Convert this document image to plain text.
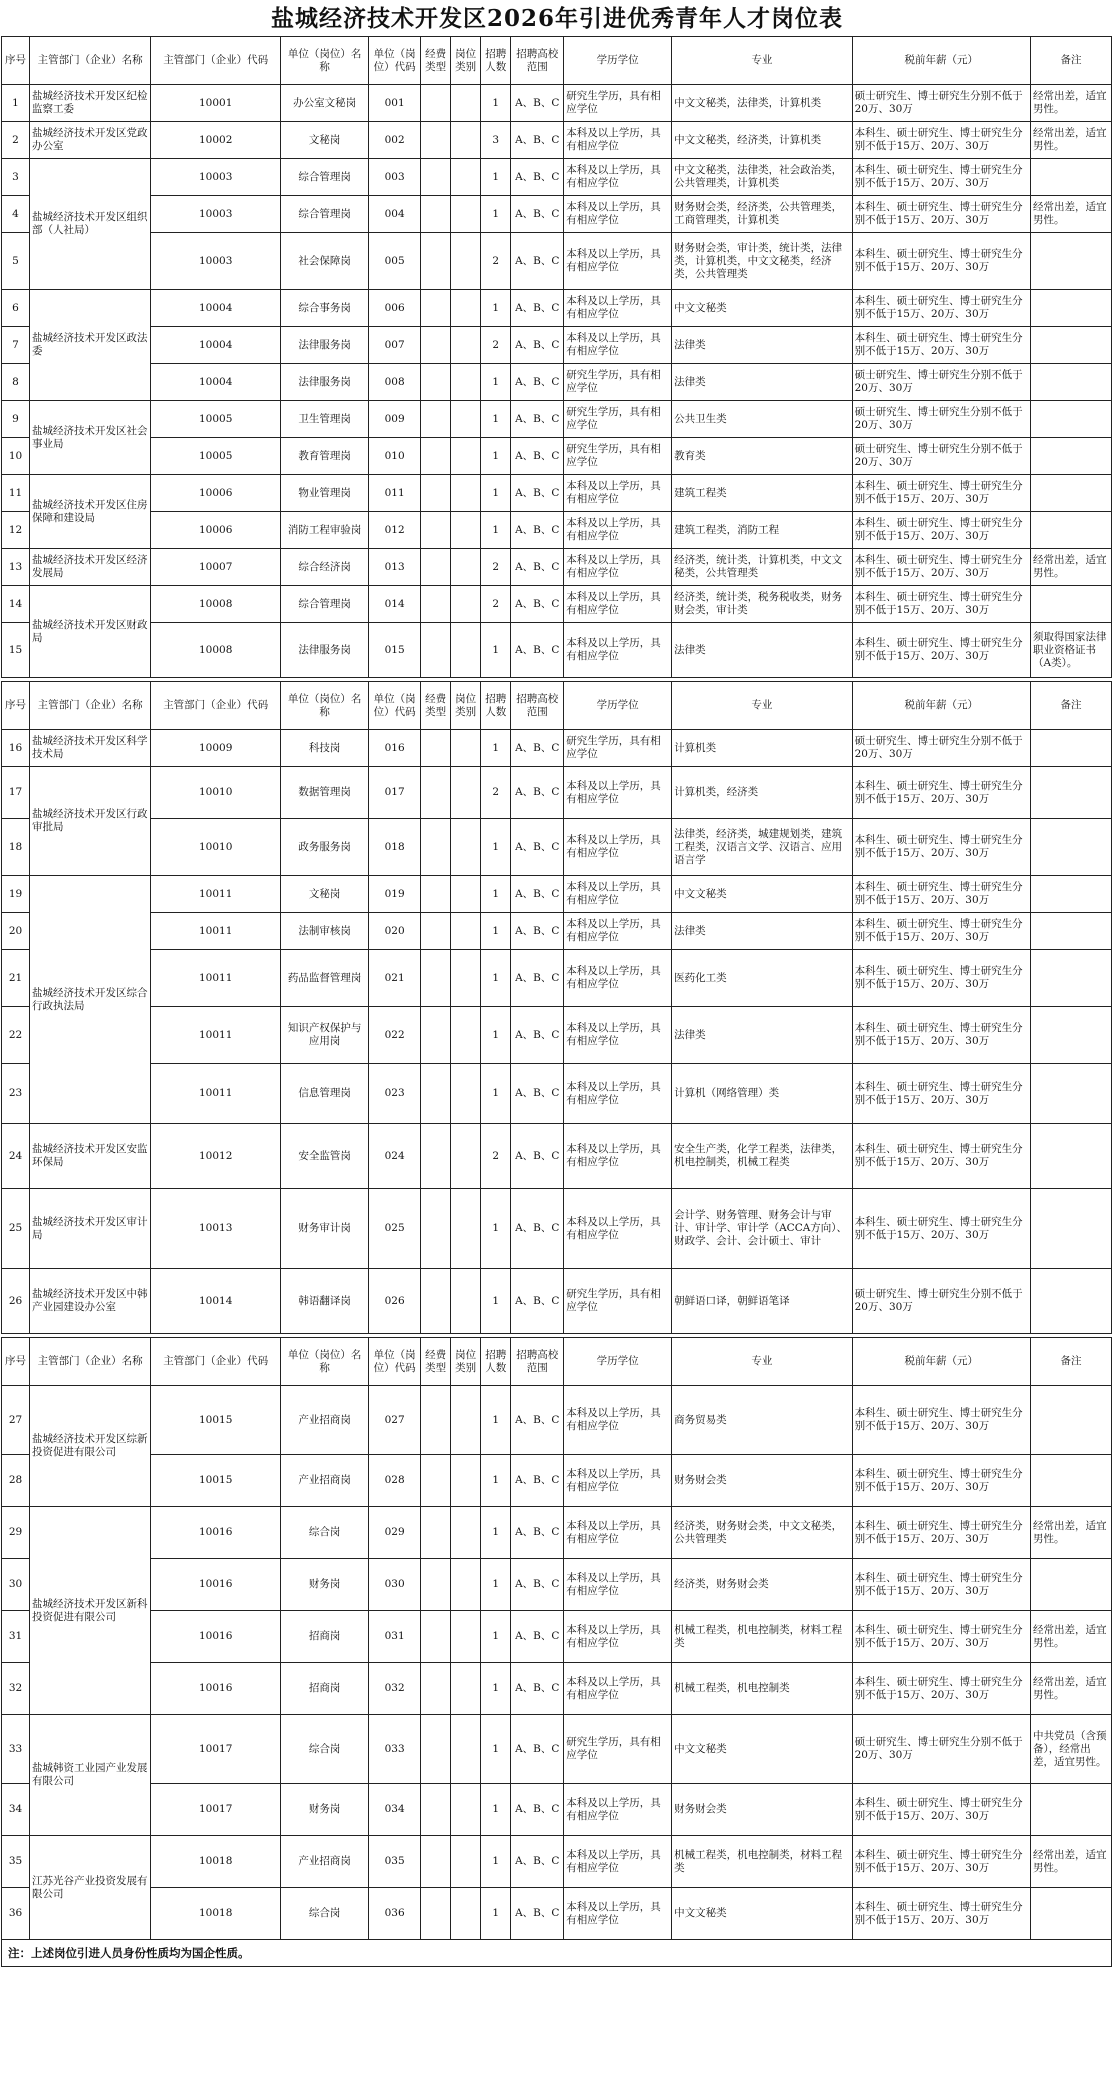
盐城经济技术开发区2026年引进优秀青年人才岗位表
序号	主管部门（企业）名称	主管部门（企业）代码	单位（岗位）名称	单位（岗位）代码	经费类型	岗位类别	招聘人数	招聘高校范围	学历学位	专业	税前年薪（元）	备注
1	盐城经济技术开发区纪检监察工委	10001	办公室文秘岗	001			1	A、B、C	研究生学历，具有相应学位	中文文秘类，法律类，计算机类	硕士研究生、博士研究生分别不低于20万、30万	经常出差，适宜男性。
2	盐城经济技术开发区党政办公室	10002	文秘岗	002			3	A、B、C	本科及以上学历，具有相应学位	中文文秘类，经济类，计算机类	本科生、硕士研究生、博士研究生分别不低于15万、20万、30万	经常出差，适宜男性。
3	盐城经济技术开发区组织部（人社局）	10003	综合管理岗	003			1	A、B、C	本科及以上学历，具有相应学位	中文文秘类，法律类，社会政治类，公共管理类，计算机类	本科生、硕士研究生、博士研究生分别不低于15万、20万、30万	
4		10003	综合管理岗	004			1	A、B、C	本科及以上学历，具有相应学位	财务财会类，经济类，公共管理类，工商管理类，计算机类	本科生、硕士研究生、博士研究生分别不低于15万、20万、30万	经常出差，适宜男性。
5		10003	社会保障岗	005			2	A、B、C	本科及以上学历，具有相应学位	财务财会类，审计类，统计类，法律类，计算机类，中文文秘类，经济类，公共管理类	本科生、硕士研究生、博士研究生分别不低于15万、20万、30万	
6	盐城经济技术开发区政法委	10004	综合事务岗	006			1	A、B、C	本科及以上学历，具有相应学位	中文文秘类	本科生、硕士研究生、博士研究生分别不低于15万、20万、30万	
7		10004	法律服务岗	007			2	A、B、C	本科及以上学历，具有相应学位	法律类	本科生、硕士研究生、博士研究生分别不低于15万、20万、30万	
8		10004	法律服务岗	008			1	A、B、C	研究生学历，具有相应学位	法律类	硕士研究生、博士研究生分别不低于20万、30万	
9	盐城经济技术开发区社会事业局	10005	卫生管理岗	009			1	A、B、C	研究生学历，具有相应学位	公共卫生类	硕士研究生、博士研究生分别不低于20万、30万	
10		10005	教育管理岗	010			1	A、B、C	研究生学历，具有相应学位	教育类	硕士研究生、博士研究生分别不低于20万、30万	
11	盐城经济技术开发区住房保障和建设局	10006	物业管理岗	011			1	A、B、C	本科及以上学历，具有相应学位	建筑工程类	本科生、硕士研究生、博士研究生分别不低于15万、20万、30万	
12		10006	消防工程审验岗	012			1	A、B、C	本科及以上学历，具有相应学位	建筑工程类，消防工程	本科生、硕士研究生、博士研究生分别不低于15万、20万、30万	
13	盐城经济技术开发区经济发展局	10007	综合经济岗	013			2	A、B、C	本科及以上学历，具有相应学位	经济类，统计类，计算机类，中文文秘类，公共管理类	本科生、硕士研究生、博士研究生分别不低于15万、20万、30万	经常出差，适宜男性。
14	盐城经济技术开发区财政局	10008	综合管理岗	014			2	A、B、C	本科及以上学历，具有相应学位	经济类，统计类，税务税收类，财务财会类，审计类	本科生、硕士研究生、博士研究生分别不低于15万、20万、30万	
15		10008	法律服务岗	015			1	A、B、C	本科及以上学历，具有相应学位	法律类	本科生、硕士研究生、博士研究生分别不低于15万、20万、30万	须取得国家法律职业资格证书（A类）。
序号	主管部门（企业）名称	主管部门（企业）代码	单位（岗位）名称	单位（岗位）代码	经费类型	岗位类别	招聘人数	招聘高校范围	学历学位	专业	税前年薪（元）	备注
16	盐城经济技术开发区科学技术局	10009	科技岗	016			1	A、B、C	研究生学历，具有相应学位	计算机类	硕士研究生、博士研究生分别不低于20万、30万	
17	盐城经济技术开发区行政审批局	10010	数据管理岗	017			2	A、B、C	本科及以上学历，具有相应学位	计算机类，经济类	本科生、硕士研究生、博士研究生分别不低于15万、20万、30万	
18		10010	政务服务岗	018			1	A、B、C	本科及以上学历，具有相应学位	法律类，经济类，城建规划类，建筑工程类，汉语言文学、汉语言、应用语言学	本科生、硕士研究生、博士研究生分别不低于15万、20万、30万	
19	盐城经济技术开发区综合行政执法局	10011	文秘岗	019			1	A、B、C	本科及以上学历，具有相应学位	中文文秘类	本科生、硕士研究生、博士研究生分别不低于15万、20万、30万	
20		10011	法制审核岗	020			1	A、B、C	本科及以上学历，具有相应学位	法律类	本科生、硕士研究生、博士研究生分别不低于15万、20万、30万	
21		10011	药品监督管理岗	021			1	A、B、C	本科及以上学历，具有相应学位	医药化工类	本科生、硕士研究生、博士研究生分别不低于15万、20万、30万	
22		10011	知识产权保护与应用岗	022			1	A、B、C	本科及以上学历，具有相应学位	法律类	本科生、硕士研究生、博士研究生分别不低于15万、20万、30万	
23		10011	信息管理岗	023			1	A、B、C	本科及以上学历，具有相应学位	计算机（网络管理）类	本科生、硕士研究生、博士研究生分别不低于15万、20万、30万	
24	盐城经济技术开发区安监环保局	10012	安全监管岗	024			2	A、B、C	本科及以上学历，具有相应学位	安全生产类，化学工程类，法律类，机电控制类，机械工程类	本科生、硕士研究生、博士研究生分别不低于15万、20万、30万	
25	盐城经济技术开发区审计局	10013	财务审计岗	025			1	A、B、C	本科及以上学历，具有相应学位	会计学、财务管理、财务会计与审计、审计学、审计学（ACCA方向）、财政学、会计、会计硕士、审计	本科生、硕士研究生、博士研究生分别不低于15万、20万、30万	
26	盐城经济技术开发区中韩产业园建设办公室	10014	韩语翻译岗	026			1	A、B、C	研究生学历，具有相应学位	朝鲜语口译，朝鲜语笔译	硕士研究生、博士研究生分别不低于20万、30万	
序号	主管部门（企业）名称	主管部门（企业）代码	单位（岗位）名称	单位（岗位）代码	经费类型	岗位类别	招聘人数	招聘高校范围	学历学位	专业	税前年薪（元）	备注
27	盐城经济技术开发区综新投资促进有限公司	10015	产业招商岗	027			1	A、B、C	本科及以上学历，具有相应学位	商务贸易类	本科生、硕士研究生、博士研究生分别不低于15万、20万、30万	
28		10015	产业招商岗	028			1	A、B、C	本科及以上学历，具有相应学位	财务财会类	本科生、硕士研究生、博士研究生分别不低于15万、20万、30万	
29	盐城经济技术开发区新科投资促进有限公司	10016	综合岗	029			1	A、B、C	本科及以上学历，具有相应学位	经济类，财务财会类，中文文秘类，公共管理类	本科生、硕士研究生、博士研究生分别不低于15万、20万、30万	经常出差，适宜男性。
30		10016	财务岗	030			1	A、B、C	本科及以上学历，具有相应学位	经济类，财务财会类	本科生、硕士研究生、博士研究生分别不低于15万、20万、30万	
31		10016	招商岗	031			1	A、B、C	本科及以上学历，具有相应学位	机械工程类，机电控制类，材料工程类	本科生、硕士研究生、博士研究生分别不低于15万、20万、30万	经常出差，适宜男性。
32		10016	招商岗	032			1	A、B、C	本科及以上学历，具有相应学位	机械工程类，机电控制类	本科生、硕士研究生、博士研究生分别不低于15万、20万、30万	经常出差，适宜男性。
33	盐城韩资工业园产业发展有限公司	10017	综合岗	033			1	A、B、C	研究生学历，具有相应学位	中文文秘类	硕士研究生、博士研究生分别不低于20万、30万	中共党员（含预备），经常出差，适宜男性。
34		10017	财务岗	034			1	A、B、C	本科及以上学历，具有相应学位	财务财会类	本科生、硕士研究生、博士研究生分别不低于15万、20万、30万	
35	江苏光谷产业投资发展有限公司	10018	产业招商岗	035			1	A、B、C	本科及以上学历，具有相应学位	机械工程类，机电控制类，材料工程类	本科生、硕士研究生、博士研究生分别不低于15万、20万、30万	经常出差，适宜男性。
36		10018	综合岗	036			1	A、B、C	本科及以上学历，具有相应学位	中文文秘类	本科生、硕士研究生、博士研究生分别不低于15万、20万、30万	
注：上述岗位引进人员身份性质均为国企性质。
